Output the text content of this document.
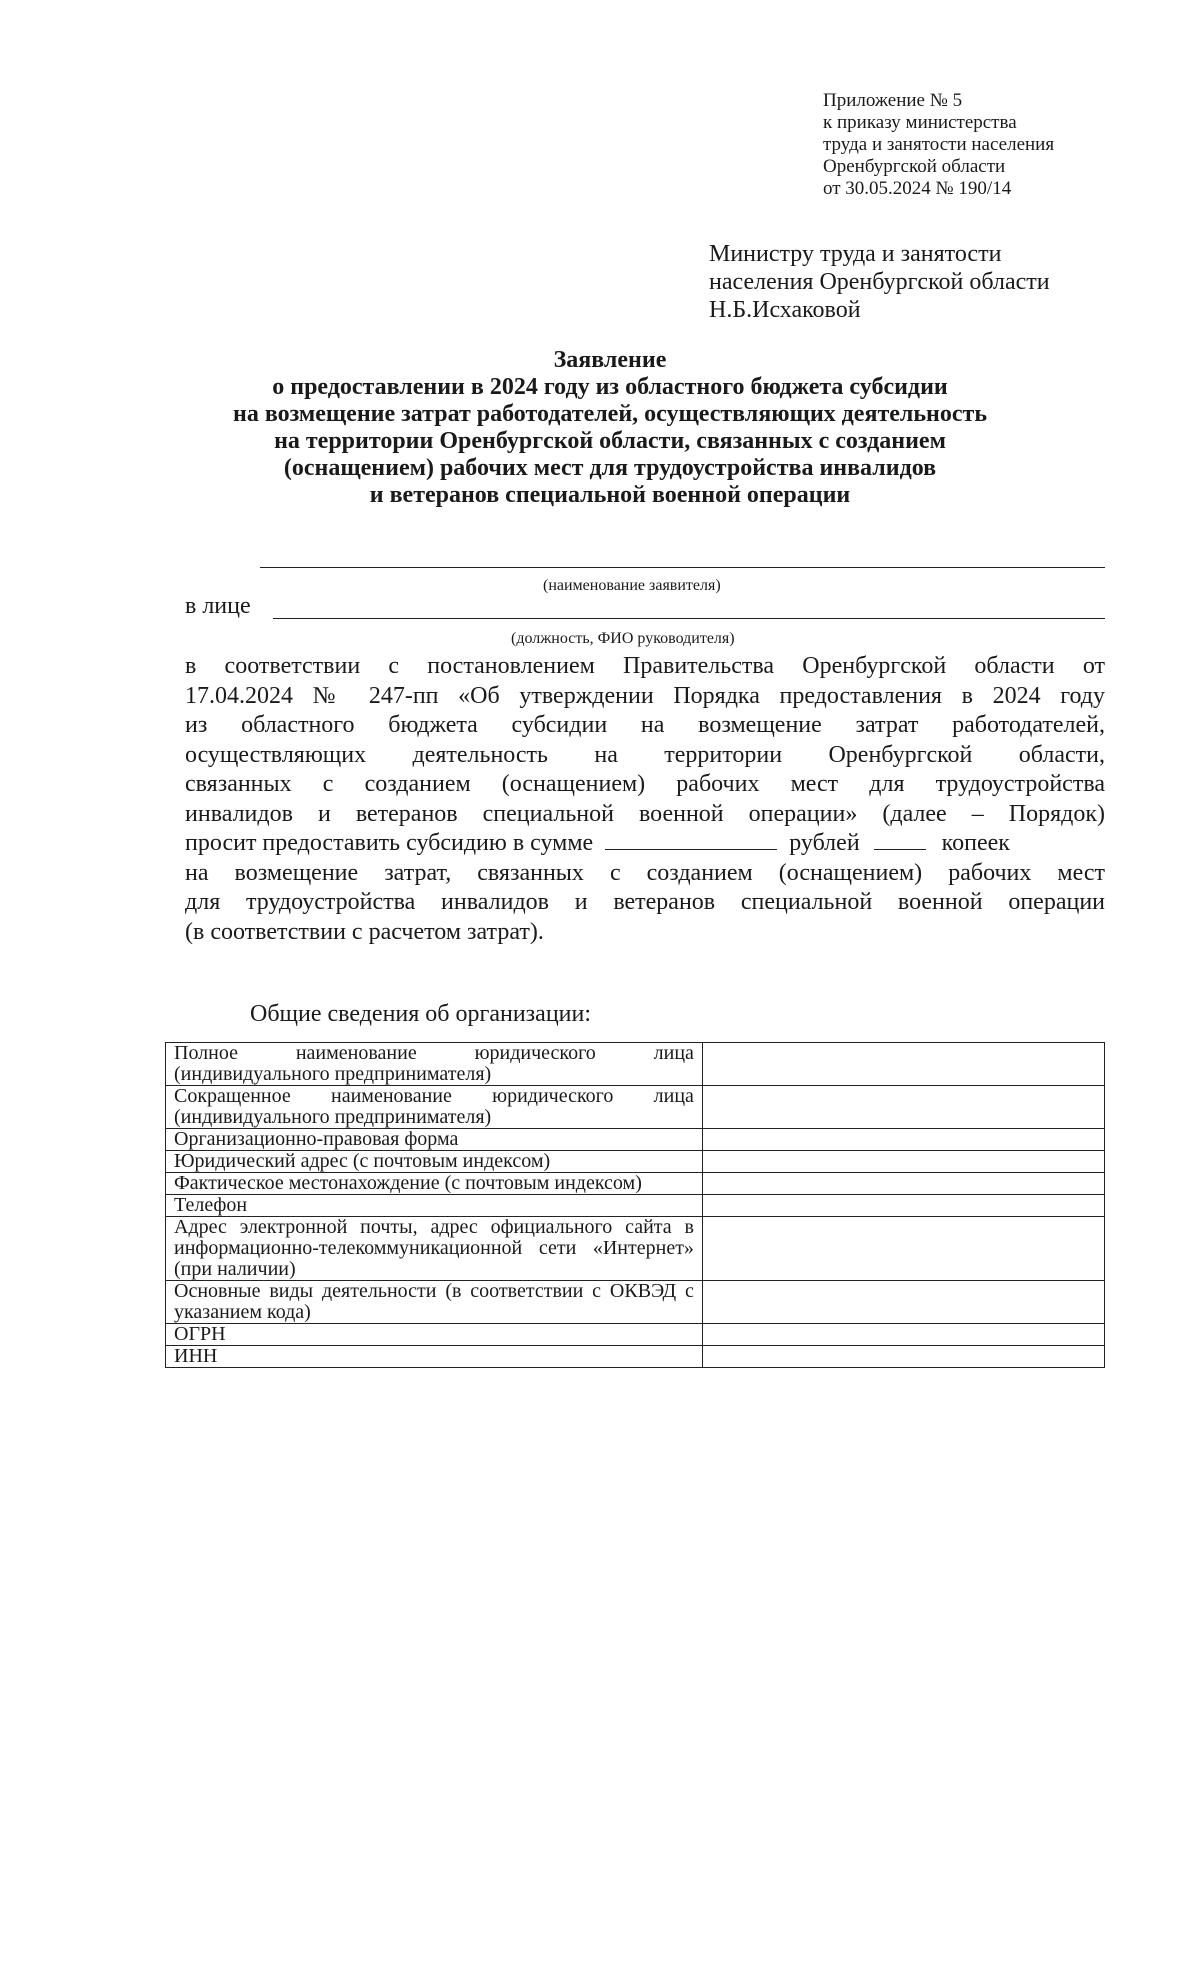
Приложение № 5
к приказу министерства
труда и занятости населения
Оренбургской области
от 30.05.2024 № 190/14
Министру труда и занятости
населения Оренбургской области
Н.Б.Исхаковой
Заявление
о предоставлении в 2024 году из областного бюджета субсидии
на возмещение затрат работодателей, осуществляющих деятельность
на территории Оренбургской области, связанных с созданием
(оснащением) рабочих мест для трудоустройства инвалидов
и ветеранов специальной военной операции
(наименование заявителя)
в лице
(должность, ФИО руководителя)
в соответствии с постановлением Правительства Оренбургской области от
17.04.2024 № 247-пп «Об утверждении Порядка предоставления в 2024 году
из областного бюджета субсидии на возмещение затрат работодателей,
осуществляющих деятельность на территории Оренбургской области,
связанных с созданием (оснащением) рабочих мест для трудоустройства
инвалидов и ветеранов специальной военной операции» (далее – Порядок)
просит предоставить субсидию в сумме	рублей	копеек
на возмещение затрат, связанных с созданием (оснащением) рабочих мест
для трудоустройства инвалидов и ветеранов специальной военной операции
(в соответствии с расчетом затрат).
Общие сведения об организации:
Полное наименование юридического лица (индивидуального предпринимателя)	
Сокращенное наименование юридического лица (индивидуального предпринимателя)	
Организационно-правовая форма	
Юридический адрес (с почтовым индексом)	
Фактическое местонахождение (с почтовым индексом)	
Телефон	
Адрес электронной почты, адрес официального сайта в информационно-телекоммуникационной сети «Интернет» (при наличии)	
Основные виды деятельности (в соответствии с ОКВЭД с указанием кода)	
ОГРН	
ИНН	
